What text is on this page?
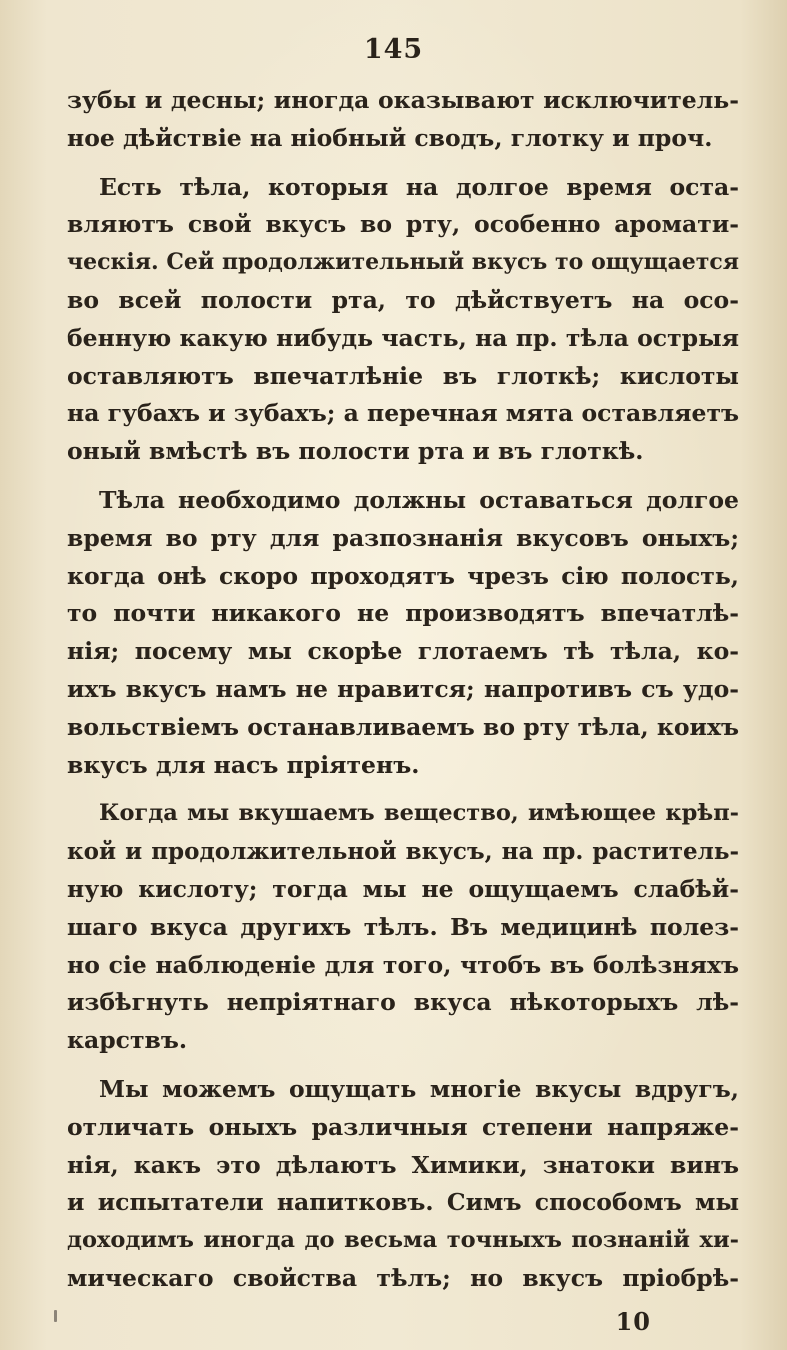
145
зубы и десны; иногда оказывают исключитель-
ное дѣйствіе на нiобный сводъ, глотку и проч.
Есть тѣла, которыя на долгое время оста-
вляютъ свой вкусъ во рту, особенно аромати-
ческія. Сей продолжительный вкусъ то ощущается
во всей полости рта, то дѣйствуетъ на осо-
бенную какую нибудь часть, на пр. тѣла острыя
оставляютъ впечатлѣніе въ глоткѣ; кислоты
на губахъ и зубахъ; а перечная мята оставляетъ
оный вмѣстѣ въ полости рта и въ глоткѣ.
Тѣла необходимо должны оставаться долгое
время во рту для разпознанія вкусовъ оныхъ;
когда онѣ скоро проходятъ чрезъ сію полость,
то почти никакого не производятъ впечатлѣ-
нія; посему мы скорѣе глотаемъ тѣ тѣла, ко-
ихъ вкусъ намъ не нравится; напротивъ съ удо-
вольствіемъ останавливаемъ во рту тѣла, коихъ
вкусъ для насъ пріятенъ.
Когда мы вкушаемъ вещество, имѣющее крѣп-
кой и продолжительной вкусъ, на пр. раститель-
ную кислоту; тогда мы не ощущаемъ слабѣй-
шаго вкуса другихъ тѣлъ. Въ медицинѣ полез-
но сіе наблюденіе для того, чтобъ въ болѣзняхъ
избѣгнуть непріятнаго вкуса нѣкоторыхъ лѣ-
карствъ.
Мы можемъ ощущать многіе вкусы вдругъ,
отличать оныхъ различныя степени напряже-
нія, какъ это дѣлаютъ Химики, знатоки винъ
и испытатели напитковъ. Симъ способомъ мы
доходимъ иногда до весьма точныхъ познаній хи-
мическаго свойства тѣлъ; но вкусъ пріобрѣ-
10
